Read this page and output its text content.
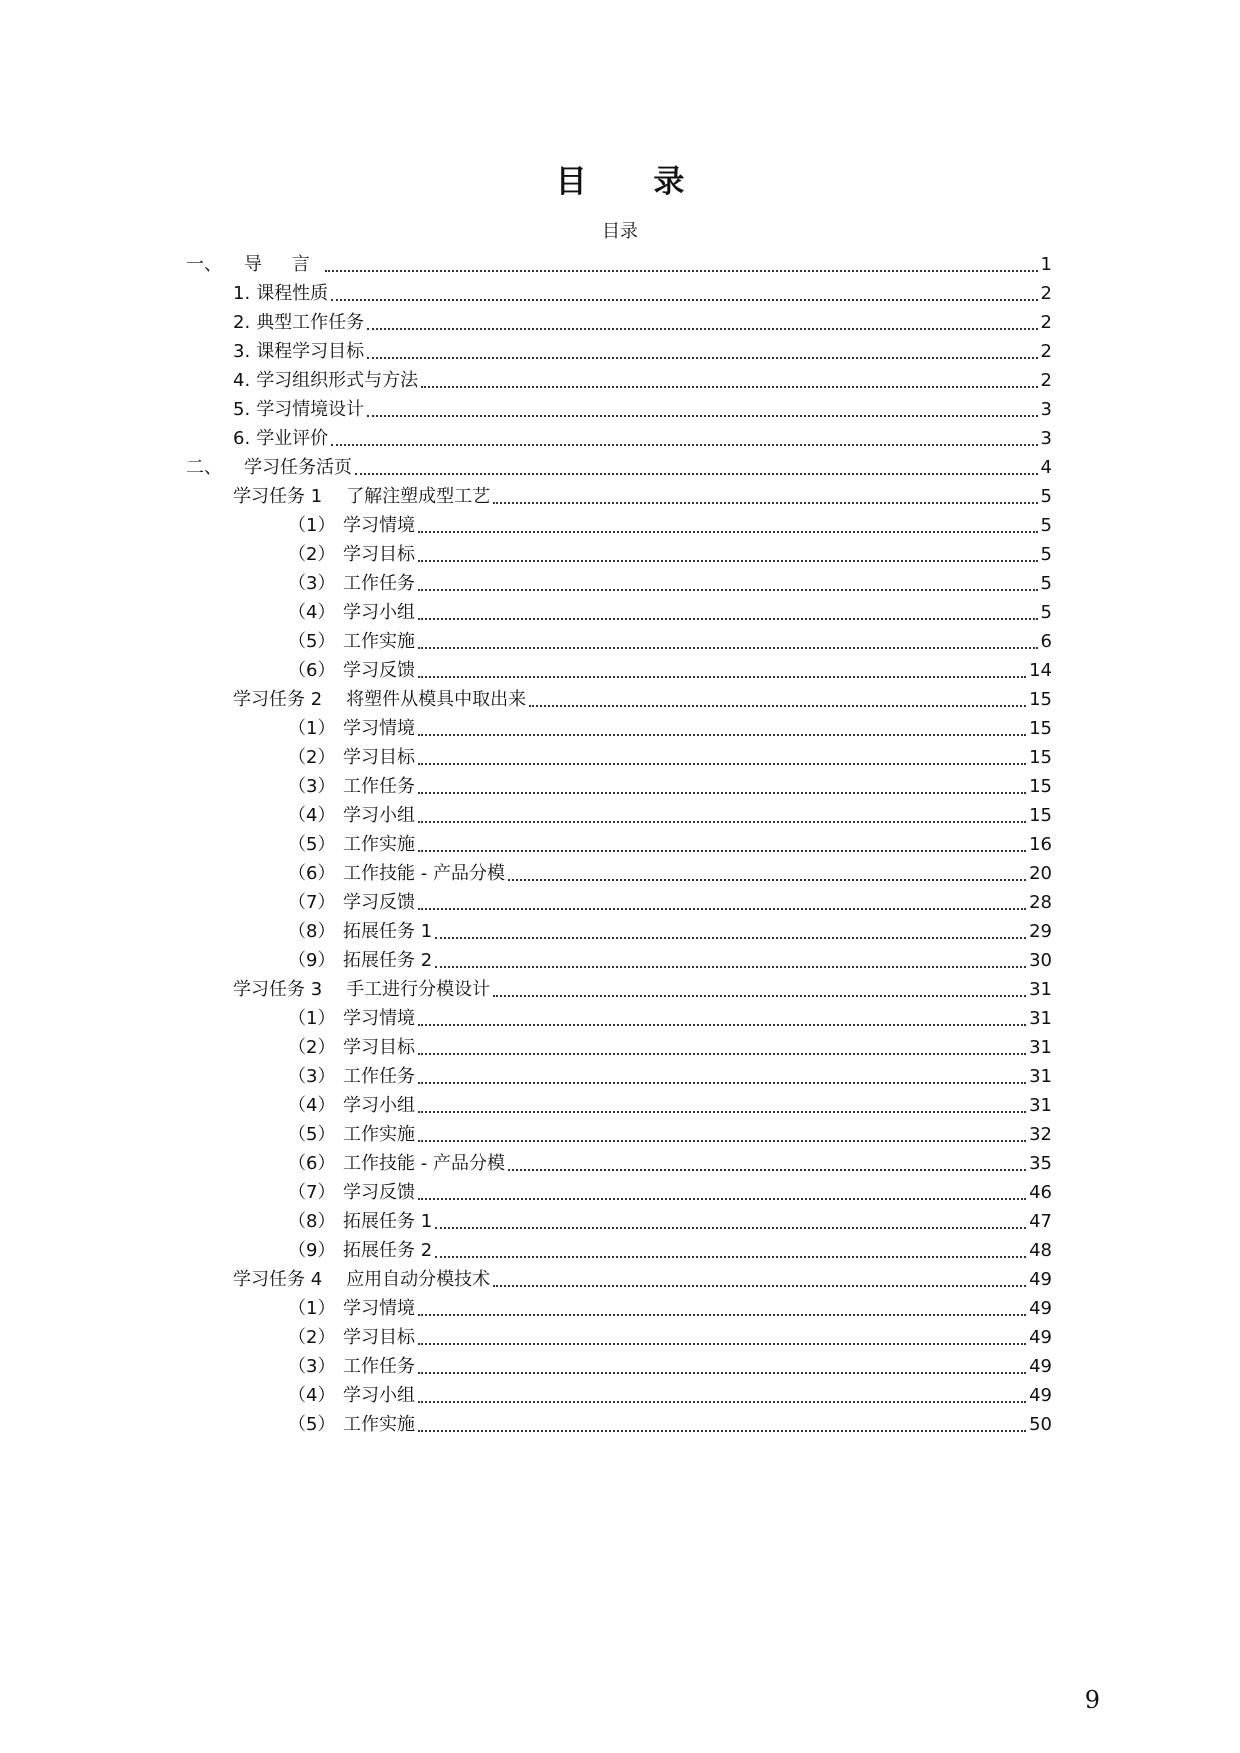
目 录
目录
一、	导 言	1
1. 课程性质	2
2. 典型工作任务	2
3. 课程学习目标	2
4. 学习组织形式与方法	2
5. 学习情境设计	3
6. 学业评价	3
二、	学习任务活页	4
学习任务 1	了解注塑成型工艺	5
（1） 学习情境	5
（2） 学习目标	5
（3） 工作任务	5
（4） 学习小组	5
（5） 工作实施	6
（6） 学习反馈	14
学习任务 2	将塑件从模具中取出来	15
（1） 学习情境	15
（2） 学习目标	15
（3） 工作任务	15
（4） 学习小组	15
（5） 工作实施	16
（6） 工作技能 - 产品分模	20
（7） 学习反馈	28
（8） 拓展任务 1	29
（9） 拓展任务 2	30
学习任务 3	手工进行分模设计	31
（1） 学习情境	31
（2） 学习目标	31
（3） 工作任务	31
（4） 学习小组	31
（5） 工作实施	32
（6） 工作技能 - 产品分模	35
（7） 学习反馈	46
（8） 拓展任务 1	47
（9） 拓展任务 2	48
学习任务 4	应用自动分模技术	49
（1） 学习情境	49
（2） 学习目标	49
（3） 工作任务	49
（4） 学习小组	49
（5） 工作实施	50
9
